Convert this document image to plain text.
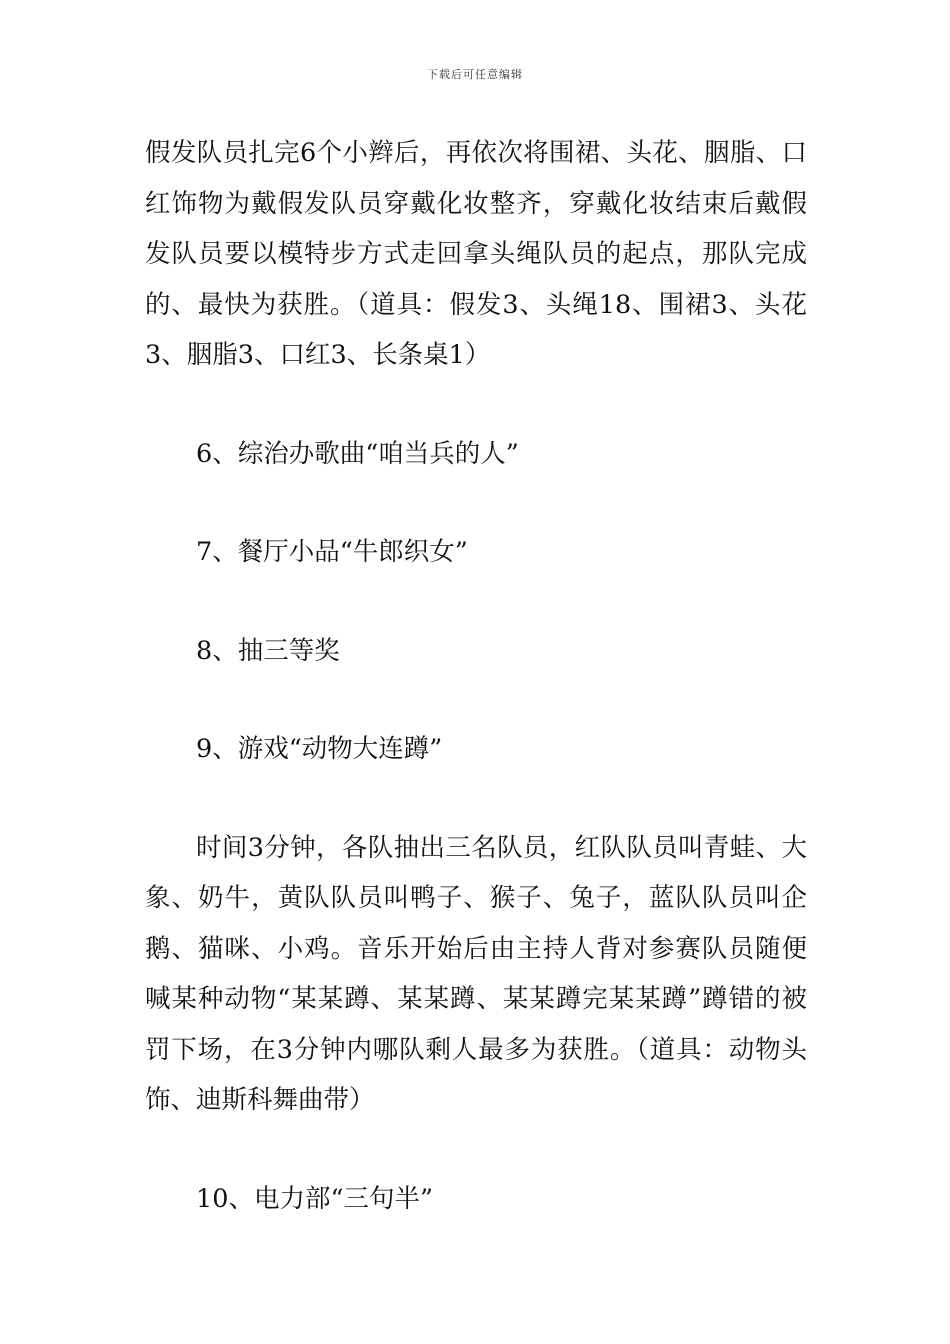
下载后可任意编辑

假发队员扎完6个小辫后，再依次将围裙、头花、胭脂、口红饰物为戴假发队员穿戴化妆整齐，穿戴化妆结束后戴假发队员要以模特步方式走回拿头绳队员的起点，那队完成的、最快为获胜。（道具：假发3、头绳18、围裙3、头花3、胭脂3、口红3、长条桌1）

6、综治办歌曲“咱当兵的人”

7、餐厅小品“牛郎织女”

8、抽三等奖

9、游戏“动物大连蹲”

时间3分钟，各队抽出三名队员，红队队员叫青蛙、大象、奶牛，黄队队员叫鸭子、猴子、兔子，蓝队队员叫企鹅、猫咪、小鸡。音乐开始后由主持人背对参赛队员随便喊某种动物“某某蹲、某某蹲、某某蹲完某某蹲”蹲错的被罚下场，在3分钟内哪队剩人最多为获胜。（道具：动物头饰、迪斯科舞曲带）

10、电力部“三句半”
